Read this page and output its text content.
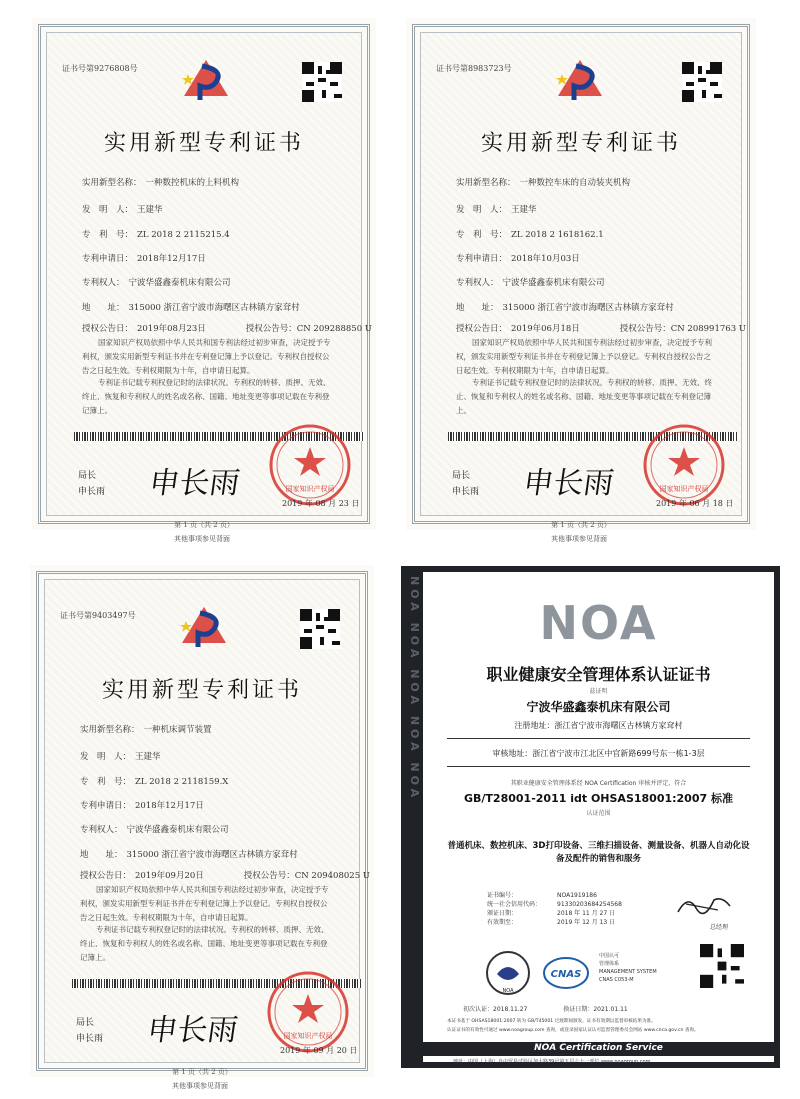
证书号第9276808号
实用新型专利证书
实用新型名称： 一种数控机床的上料机构
发　明　人： 王建华
专　利　号： ZL 2018 2 2115215.4
专利申请日： 2018年12月17日
专利权人： 宁波华盛鑫泰机床有限公司
地　　址： 315000 浙江省宁波市海曙区古林镇方家耷村
授权公告日： 2019年08月23日	授权公告号：CN 209288850 U
国家知识产权局依照中华人民共和国专利法经过初步审查，决定授予专利权，颁发实用新型专利证书并在专利登记簿上予以登记。专利权自授权公告之日起生效。专利权期限为十年，自申请日起算。
专利证书记载专利权登记时的法律状况。专利权的转移、质押、无效、终止、恢复和专利权人的姓名或名称、国籍、地址变更等事项记载在专利登记簿上。
局长
申长雨 申长雨	国家知识产权局
2019 年 08 月 23 日
第 1 页（共 2 页）
其他事项参见背面
证书号第8983723号
实用新型专利证书
实用新型名称： 一种数控车床的自动装夹机构
发　明　人： 王建华
专　利　号： ZL 2018 2 1618162.1
专利申请日： 2018年10月03日
专利权人： 宁波华盛鑫泰机床有限公司
地　　址： 315000 浙江省宁波市海曙区古林镇方家耷村
授权公告日： 2019年06月18日	授权公告号：CN 208991763 U
国家知识产权局依照中华人民共和国专利法经过初步审查，决定授予专利权，颁发实用新型专利证书并在专利登记簿上予以登记。专利权自授权公告之日起生效。专利权期限为十年，自申请日起算。
专利证书记载专利权登记时的法律状况。专利权的转移、质押、无效、终止、恢复和专利权人的姓名或名称、国籍、地址变更等事项记载在专利登记簿上。
局长
申长雨 申长雨	国家知识产权局
2019 年 06 月 18 日
第 1 页（共 2 页）
其他事项参见背面
证书号第9403497号
实用新型专利证书
实用新型名称： 一种机床调节装置
发　明　人： 王建华
专　利　号： ZL 2018 2 2118159.X
专利申请日： 2018年12月17日
专利权人： 宁波华盛鑫泰机床有限公司
地　　址： 315000 浙江省宁波市海曙区古林镇方家耷村
授权公告日： 2019年09月20日	授权公告号：CN 209408025 U
国家知识产权局依照中华人民共和国专利法经过初步审查，决定授予专利权，颁发实用新型专利证书并在专利登记簿上予以登记。专利权自授权公告之日起生效。专利权期限为十年，自申请日起算。
专利证书记载专利权登记时的法律状况。专利权的转移、质押、无效、终止、恢复和专利权人的姓名或名称、国籍、地址变更等事项记载在专利登记簿上。
局长
申长雨 申长雨	国家知识产权局
2019 年 09 月 20 日
第 1 页（共 2 页）
其他事项参见背面
NOA NOA NOA NOA NOA	NOA
职业健康安全管理体系认证证书
兹证明
宁波华盛鑫泰机床有限公司
注册地址：浙江省宁波市海曙区古林镇方家耷村
审核地址：浙江省宁波市江北区中官新路699号东一栋1-3层
其职业健康安全管理体系经 NOA Certification 审核并评定，符合
GB/T28001-2011 idt OHSAS18001:2007 标准
认证范围
普通机床、数控机床、3D打印设备、三维扫描设备、测量设备、机器人自动化设备及配件的销售和服务
证书编号：	NOA1919186
统一社会信用代码：	91330203684254568
颁证日期：	2018 年 11 月 27 日
有效期至：	2019 年 12 月 13 日
总经理
NOA
CNAS
中国认可
管理体系
MANAGEMENT SYSTEM
CNAS C053-M
初次认证：2018.11.27　　　　　　换证日期：2021.01.11
本证书基于 OHSAS18001:2007 转为 GB/T45001 过渡期间颁发，证书有效期以监督审核结果为准。
认证证书的有效性可通过 www.noagroup.com 查询，或登录国家认证认可监督管理委员会网站 www.cnca.gov.cn 查询。
NOA Certification Service
地址：中国（上海）自由贸易试验区加太路39号第五层六十一部位 www.noagroup.com
